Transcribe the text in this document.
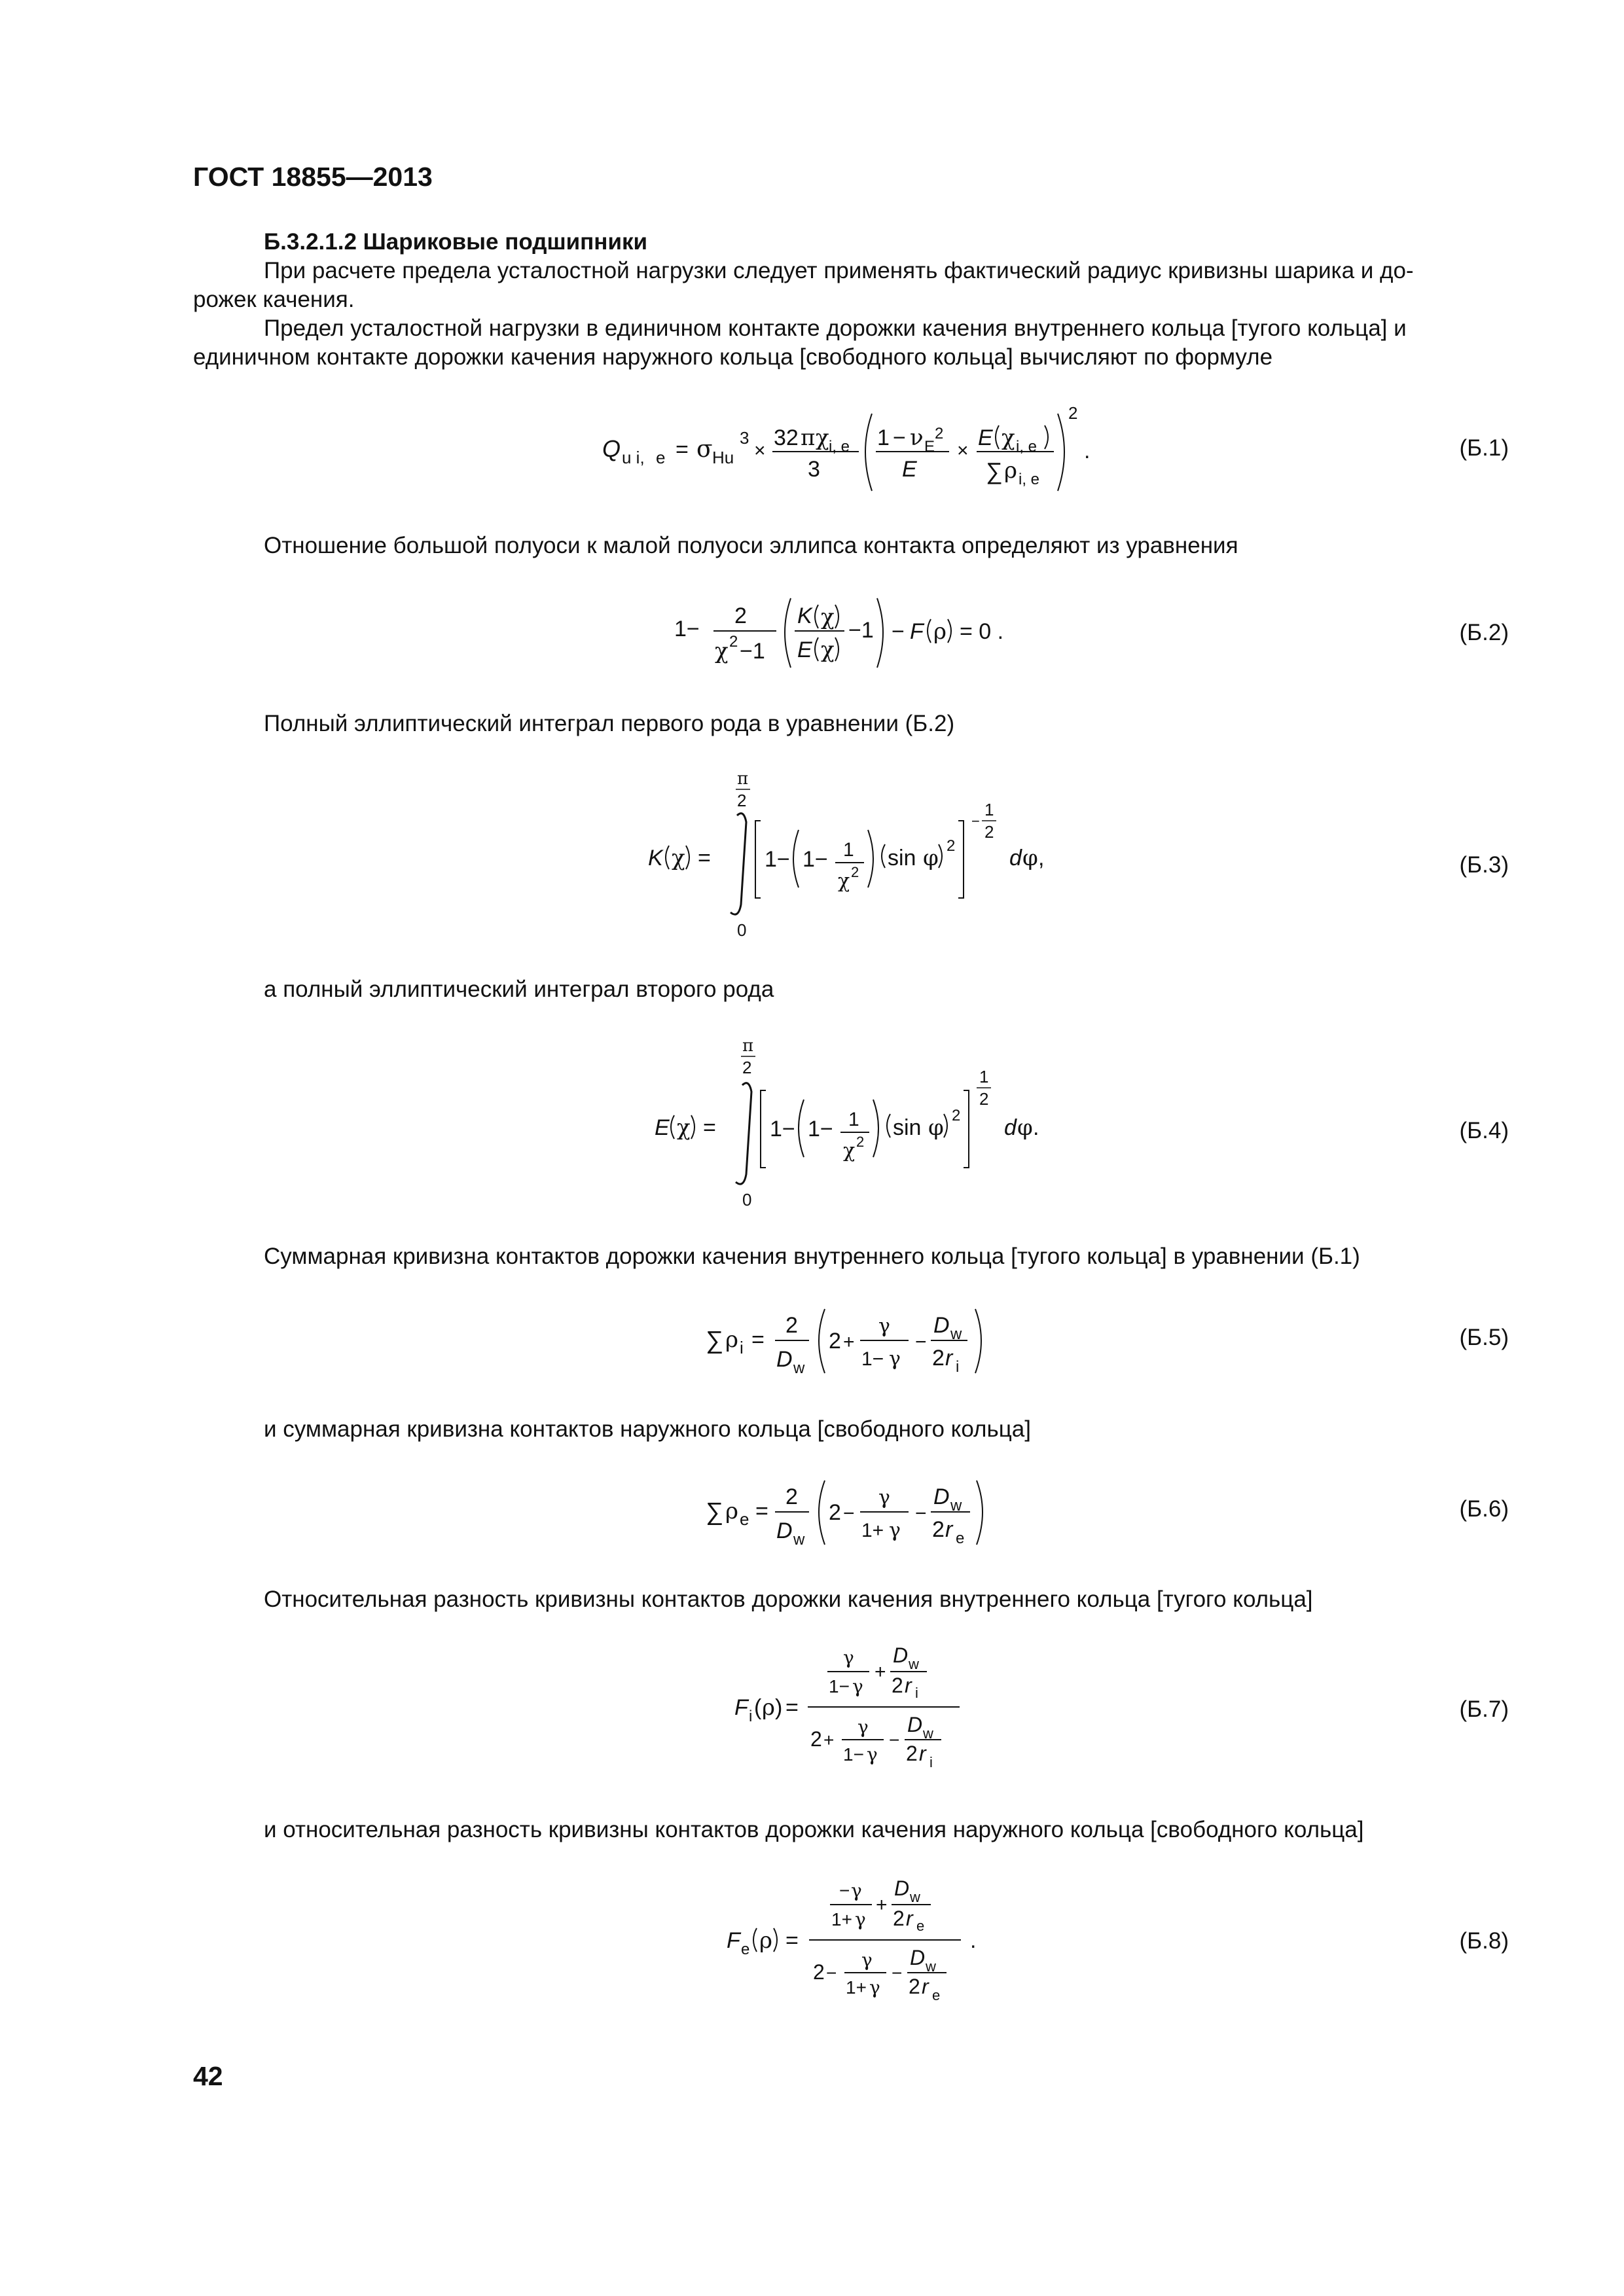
ГОСТ 18855—2013
Б.3.2.1.2 Шариковые подшипники
При расчете предела усталостной нагрузки следует применять фактический радиус кривизны шарика и до-
рожек качения.
Предел усталостной нагрузки в единичном контакте дорожки качения внутреннего кольца [тугого кольца] и
единичном контакте дорожки качения наружного кольца [свободного кольца] вычисляют по формуле
Q u i, e = σ Hu
3
×
32 π χ i, e
3
1 − ν E
2
E
×
E χ i, e
∑ ρ i, e
2
.	(Б.1)
Отношение большой полуоси к малой полуоси эллипса контакта определяют из уравнения
1−
2
χ 2 −1
K χ
E χ
−1 − F ρ = 0 .	(Б.2)
Полный эллиптический интеграл первого рода в уравнении (Б.2)
K χ =
π
2
0
1− 1− 1
χ 2
sin φ 2
−
1
2
d φ ,	(Б.3)
а полный эллиптический интеграл второго рода
E χ =
π
2
0
1− 1− 1
χ 2
sin φ 2
1
2
d φ .	(Б.4)
Суммарная кривизна контактов дорожки качения внутреннего кольца [тугого кольца] в уравнении (Б.1)
∑ ρ i =
2
D w
2 +
γ
1− γ
−
D w
2 r i
(Б.5)
и суммарная кривизна контактов наружного кольца [свободного кольца]
∑ ρ e =
2
D w
2 −
γ
1+ γ
−
D w
2 r e
(Б.6)
Относительная разность кривизны контактов дорожки качения внутреннего кольца [тугого кольца]
F i ( ρ ) =
γ
1− γ
+
D w
2 r i
2 +
γ
1− γ
−
D w
2 r i
(Б.7)
и относительная разность кривизны контактов дорожки качения наружного кольца [свободного кольца]
F e ρ =
− γ
1+ γ
+
D w
2 r e
2 −
γ
1+ γ
−
D w
2 r e
.	(Б.8)
42
